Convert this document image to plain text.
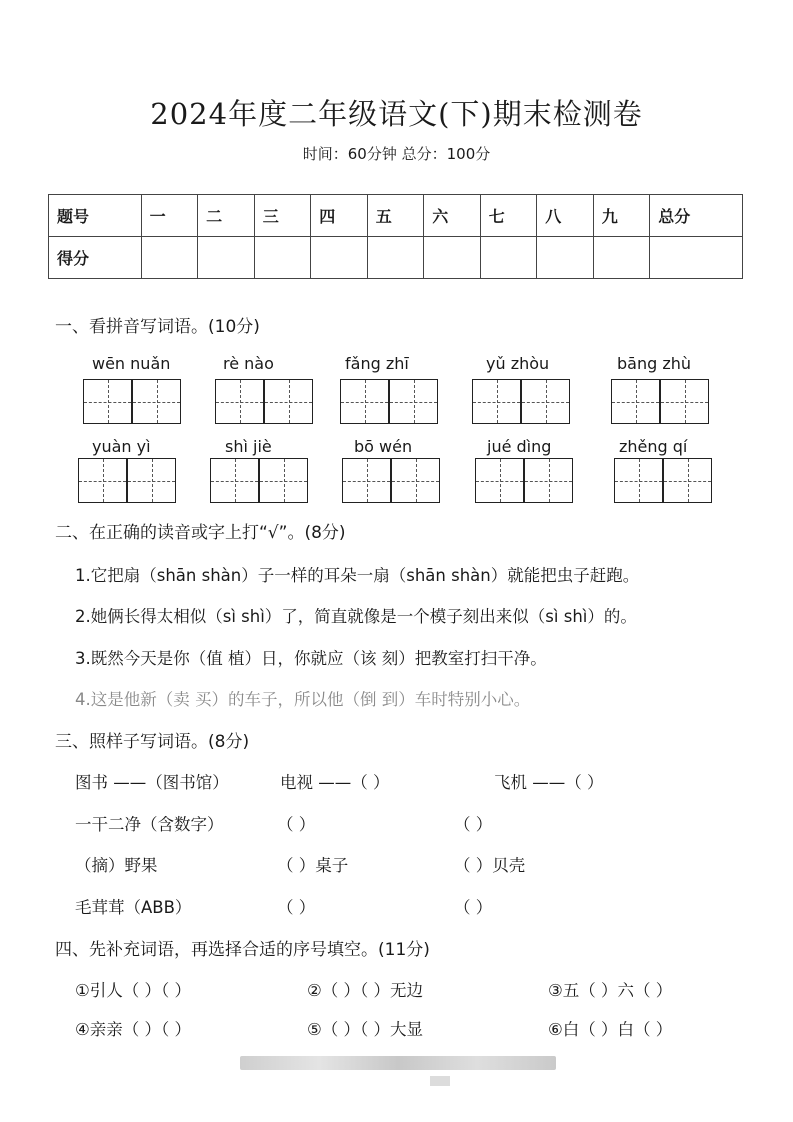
2024年度二年级语文(下)期末检测卷
时间：60分钟 总分：100分
题号	一	二	三	四	五	六	七	八	九	总分
得分										
一、看拼音写词语。(10分)
wēn nuǎn	rè nào	fǎng zhī	yǔ zhòu	bāng zhù
yuàn yì	shì jiè	bō wén	jué dìng	zhěng qí
二、在正确的读音或字上打“√”。(8分)
1.它把扇（shān shàn）子一样的耳朵一扇（shān shàn）就能把虫子赶跑。
2.她俩长得太相似（sì shì）了，简直就像是一个模子刻出来似（sì shì）的。
3.既然今天是你（值 植）日，你就应（该 刻）把教室打扫干净。
4.这是他新（卖 买）的车子，所以他（倒 到）车时特别小心。
三、照样子写词语。(8分)
图书 ——（图书馆）	电视 ——（ ）	飞机 ——（ ）
一干二净（含数字）	（ ）	（ ）
（摘）野果	（ ）桌子	（ ）贝壳
毛茸茸（ABB）	（ ）	（ ）
四、先补充词语，再选择合适的序号填空。(11分)
①引人（ ）（ ）	②（ ）（ ）无边	③五（ ）六（ ）
④亲亲（ ）（ ）	⑤（ ）（ ）大显	⑥白（ ）白（ ）
